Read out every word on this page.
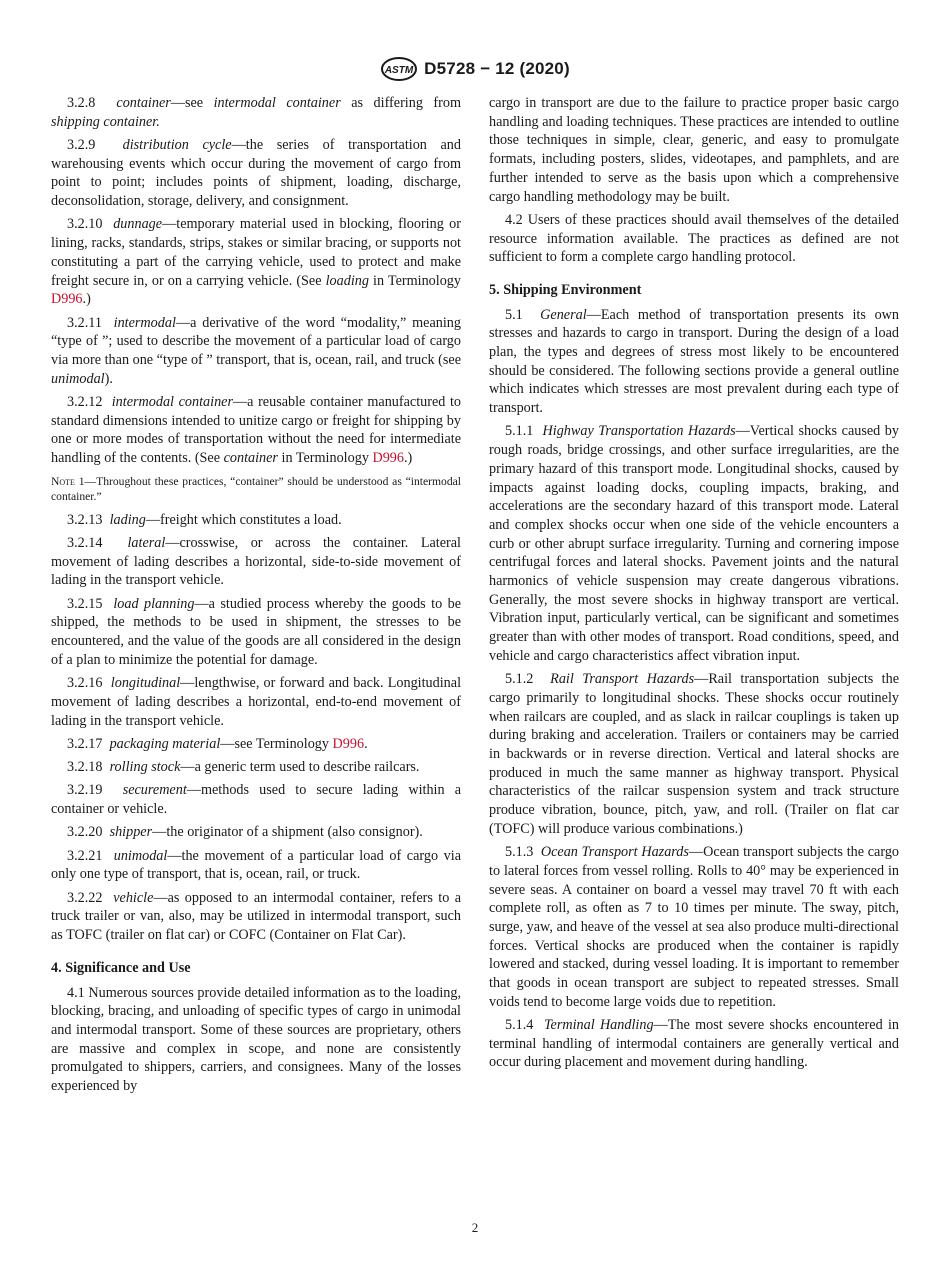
ASTM D5728 − 12 (2020)

3.2.8 container—see intermodal container as differing from shipping container.

3.2.9 distribution cycle—the series of transportation and warehousing events which occur during the movement of cargo from point to point; includes points of shipment, loading, discharge, deconsolidation, storage, delivery, and consignment.

3.2.10 dunnage—temporary material used in blocking, flooring or lining, racks, standards, strips, stakes or similar bracing, or supports not constituting a part of the carrying vehicle, used to protect and make freight secure in, or on a carrying vehicle. (See loading in Terminology D996.)

3.2.11 intermodal—a derivative of the word “modality,” meaning “type of ”; used to describe the movement of a particular load of cargo via more than one “type of ” transport, that is, ocean, rail, and truck (see unimodal).

3.2.12 intermodal container—a reusable container manufactured to standard dimensions intended to unitize cargo or freight for shipping by one or more modes of transportation without the need for intermediate handling of the contents. (See container in Terminology D996.)

Note 1—Throughout these practices, “container” should be understood as “intermodal container.”

3.2.13 lading—freight which constitutes a load.

3.2.14 lateral—crosswise, or across the container. Lateral movement of lading describes a horizontal, side-to-side movement of lading in the transport vehicle.

3.2.15 load planning—a studied process whereby the goods to be shipped, the methods to be used in shipment, the stresses to be encountered, and the value of the goods are all considered in the design of a plan to minimize the potential for damage.

3.2.16 longitudinal—lengthwise, or forward and back. Longitudinal movement of lading describes a horizontal, end-to-end movement of lading in the transport vehicle.

3.2.17 packaging material—see Terminology D996.

3.2.18 rolling stock—a generic term used to describe railcars.

3.2.19 securement—methods used to secure lading within a container or vehicle.

3.2.20 shipper—the originator of a shipment (also consignor).

3.2.21 unimodal—the movement of a particular load of cargo via only one type of transport, that is, ocean, rail, or truck.

3.2.22 vehicle—as opposed to an intermodal container, refers to a truck trailer or van, also, may be utilized in intermodal transport, such as TOFC (trailer on flat car) or COFC (Container on Flat Car).

4. Significance and Use

4.1 Numerous sources provide detailed information as to the loading, blocking, bracing, and unloading of specific types of cargo in unimodal and intermodal transport. Some of these sources are proprietary, others are massive and complex in scope, and none are consistently promulgated to shippers, carriers, and consignees. Many of the losses experienced by

cargo in transport are due to the failure to practice proper basic cargo handling and loading techniques. These practices are intended to outline those techniques in simple, clear, generic, and easy to promulgate formats, including posters, slides, videotapes, and pamphlets, and are further intended to serve as the basis upon which a comprehensive cargo handling methodology may be built.

4.2 Users of these practices should avail themselves of the detailed resource information available. The practices as defined are not sufficient to form a complete cargo handling protocol.

5. Shipping Environment

5.1 General—Each method of transportation presents its own stresses and hazards to cargo in transport. During the design of a load plan, the types and degrees of stress most likely to be encountered should be considered. The following sections provide a general outline which indicates which stresses are most prevalent during each type of transport.

5.1.1 Highway Transportation Hazards—Vertical shocks caused by rough roads, bridge crossings, and other surface irregularities, are the primary hazard of this transport mode. Longitudinal shocks, caused by impacts against loading docks, coupling impacts, braking, and accelerations are the secondary hazard of this transport mode. Lateral and complex shocks occur when one side of the vehicle encounters a curb or other abrupt surface irregularity. Turning and cornering impose centrifugal forces and lateral shocks. Pavement joints and the natural harmonics of vehicle suspension may create dangerous vibrations. Generally, the most severe shocks in highway transport are vertical. Vibration input, particularly vertical, can be significant and sometimes greater than with other modes of transport. Road conditions, speed, and vehicle and cargo characteristics affect vibration input.

5.1.2 Rail Transport Hazards—Rail transportation subjects the cargo primarily to longitudinal shocks. These shocks occur routinely when railcars are coupled, and as slack in railcar couplings is taken up during braking and acceleration. Trailers or containers may be carried in backwards or in reverse direction. Vertical and lateral shocks are produced in much the same manner as highway transport. Physical characteristics of the railcar suspension system and track structure produce vibration, bounce, pitch, yaw, and roll. (Trailer on flat car (TOFC) will produce various combinations.)

5.1.3 Ocean Transport Hazards—Ocean transport subjects the cargo to lateral forces from vessel rolling. Rolls to 40° may be experienced in severe seas. A container on board a vessel may travel 70 ft with each complete roll, as often as 7 to 10 times per minute. The sway, pitch, surge, yaw, and heave of the vessel at sea also produce multi-directional forces. Vertical shocks are produced when the container is rapidly lowered and stacked, during vessel loading. It is important to remember that goods in ocean transport are subject to repeated stresses. Small voids tend to become large voids due to repetition.

5.1.4 Terminal Handling—The most severe shocks encountered in terminal handling of intermodal containers are generally vertical and occur during placement and movement during handling.

2
